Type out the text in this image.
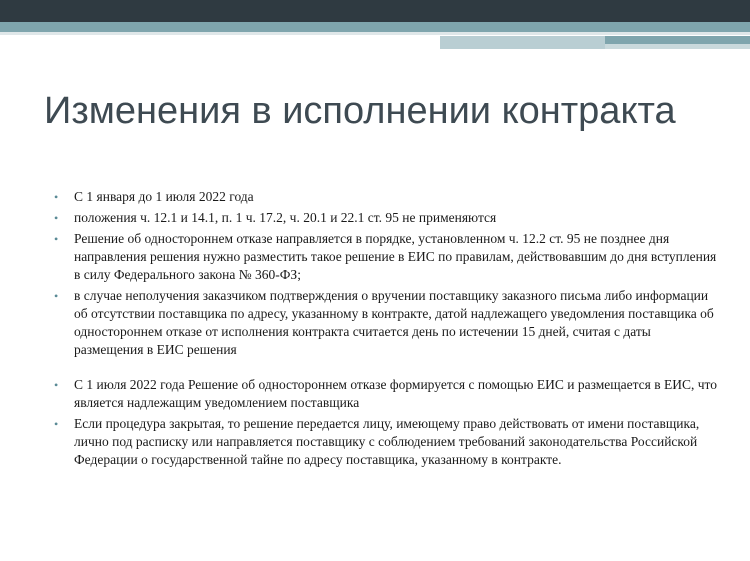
Изменения в исполнении контракта
• С 1 января до 1 июля 2022 года
• положения ч. 12.1 и 14.1, п. 1 ч. 17.2, ч. 20.1 и 22.1 ст. 95 не применяются
• Решение об одностороннем отказе направляется в порядке, установленном ч. 12.2 ст. 95 не позднее дня направления решения нужно разместить такое решение в ЕИС по правилам, действовавшим до дня вступления в силу Федерального закона № 360-ФЗ;
• в случае неполучения заказчиком подтверждения о вручении поставщику заказного письма либо информации об отсутствии поставщика по адресу, указанному в контракте, датой надлежащего уведомления поставщика об одностороннем отказе от исполнения контракта считается день по истечении 15 дней, считая с даты размещения в ЕИС решения
• С 1 июля 2022 года Решение об одностороннем отказе формируется с помощью ЕИС и размещается в ЕИС, что является надлежащим уведомлением поставщика
• Если процедура закрытая, то решение передается лицу, имеющему право действовать от имени поставщика, лично под расписку или направляется поставщику с соблюдением требований законодательства Российской Федерации о государственной тайне по адресу поставщика, указанному в контракте.
